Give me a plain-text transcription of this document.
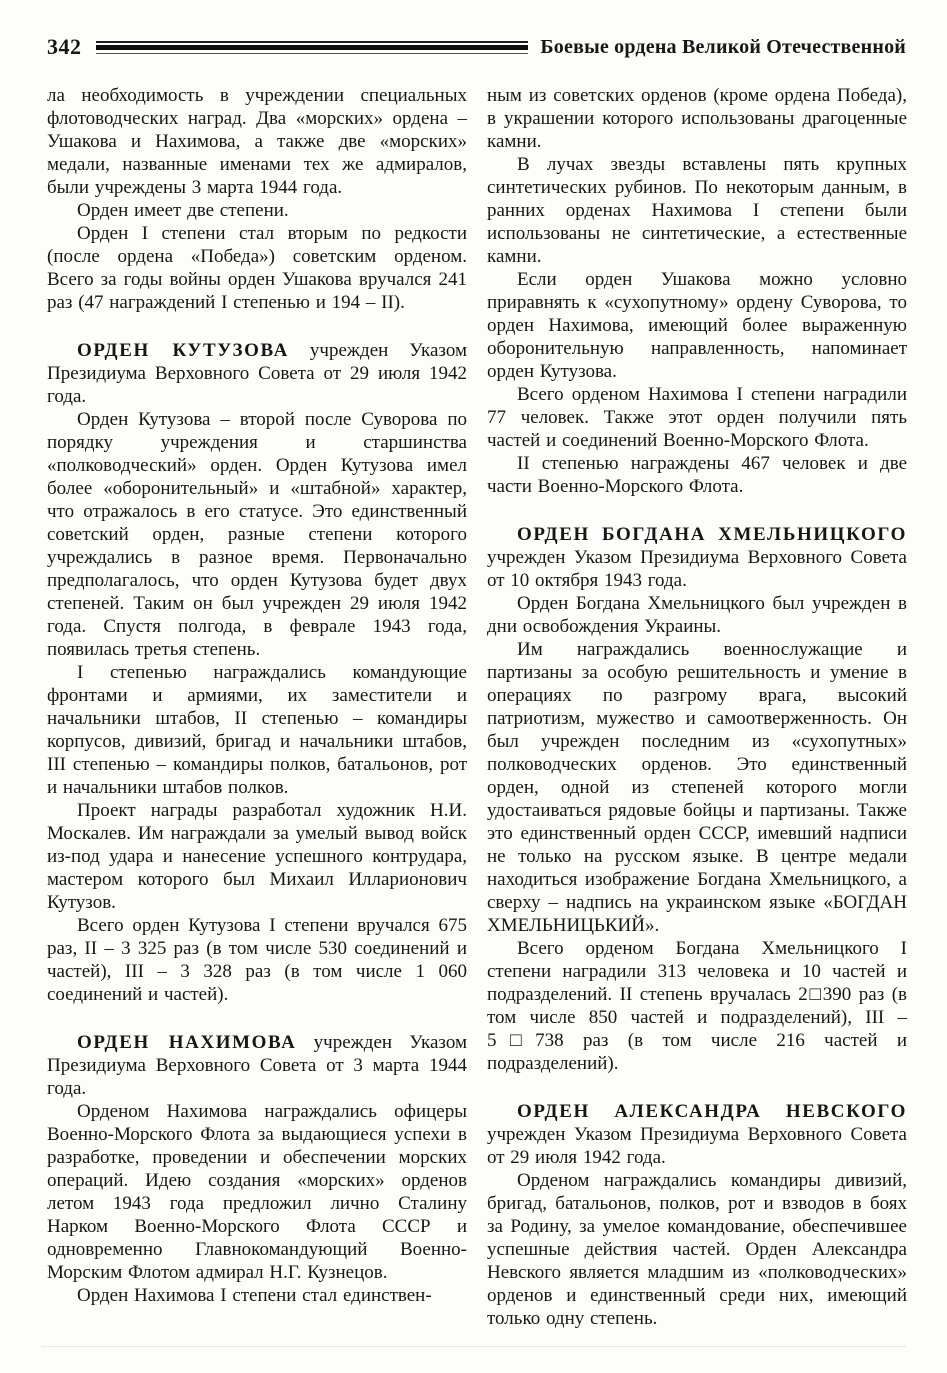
342	Боевые ордена Великой Отечественной

ла необходимость в учреждении специальных флотоводческих наград. Два «морских» ордена – Ушакова и Нахимова, а также две «морских» медали, названные именами тех же адмиралов, были учреждены 3 марта 1944 года.

Орден имеет две степени.

Орден I степени стал вторым по редкости (после ордена «Победа») советским орденом. Всего за годы войны орден Ушакова вручался 241 раз (47 награждений I степенью и 194 – II).

ОРДЕН КУТУЗОВА учрежден Указом Президиума Верховного Совета от 29 июля 1942 года.

Орден Кутузова – второй после Суворова по порядку учреждения и старшинства «полководческий» орден. Орден Кутузова имел более «оборонительный» и «штабной» характер, что отражалось в его статусе. Это единственный советский орден, разные степени которого учреждались в разное время. Первоначально предполагалось, что орден Кутузова будет двух степеней. Таким он был учрежден 29 июля 1942 года. Спустя полгода, в феврале 1943 года, появилась третья степень.

I степенью награждались командующие фронтами и армиями, их заместители и начальники штабов, II степенью – командиры корпусов, дивизий, бригад и начальники штабов, III степенью – командиры полков, батальонов, рот и начальники штабов полков.

Проект награды разработал художник Н.И. Москалев. Им награждали за умелый вывод войск из-под удара и нанесение успешного контрудара, мастером которого был Михаил Илларионович Кутузов.

Всего орден Кутузова I степени вручался 675 раз, II – 3 325 раз (в том числе 530 соединений и частей), III – 3 328 раз (в том числе 1 060 соединений и частей).

ОРДЕН НАХИМОВА учрежден Указом Президиума Верховного Совета от 3 марта 1944 года.

Орденом Нахимова награждались офицеры Военно-Морского Флота за выдающиеся успехи в разработке, проведении и обеспечении морских операций. Идею создания «морских» орденов летом 1943 года предложил лично Сталину Нарком Военно-Морского Флота СССР и одновременно Главнокомандующий Военно-Морским Флотом адмирал Н.Г. Кузнецов.

Орден Нахимова I степени стал единствен-

ным из советских орденов (кроме ордена Победа), в украшении которого использованы драгоценные камни.

В лучах звезды вставлены пять крупных синтетических рубинов. По некоторым данным, в ранних орденах Нахимова I степени были использованы не синтетические, а естественные камни.

Если орден Ушакова можно условно приравнять к «сухопутному» ордену Суворова, то орден Нахимова, имеющий более выраженную оборонительную направленность, напоминает орден Кутузова.

Всего орденом Нахимова I степени наградили 77 человек. Также этот орден получили пять частей и соединений Военно-Морского Флота.

II степенью награждены 467 человек и две части Военно-Морского Флота.

ОРДЕН БОГДАНА ХМЕЛЬНИЦКОГО учрежден Указом Президиума Верховного Совета от 10 октября 1943 года.

Орден Богдана Хмельницкого был учрежден в дни освобождения Украины.

Им награждались военнослужащие и партизаны за особую решительность и умение в операциях по разгрому врага, высокий патриотизм, мужество и самоотверженность. Он был учрежден последним из «сухопутных» полководческих орденов. Это единственный орден, одной из степеней которого могли удостаиваться рядовые бойцы и партизаны. Также это единственный орден СССР, имевший надписи не только на русском языке. В центре медали находиться изображение Богдана Хмельницкого, а сверху – надпись на украинском языке «БОГДАН ХМЕЛЬНИЦЬКИЙ».

Всего орденом Богдана Хмельницкого I степени наградили 313 человека и 10 частей и подразделений. II степень вручалась 2□390 раз (в том числе 850 частей и подразделений), III – 5□738 раз (в том числе 216 частей и подразделений).

ОРДЕН АЛЕКСАНДРА НЕВСКОГО учрежден Указом Президиума Верховного Совета от 29 июля 1942 года.

Орденом награждались командиры дивизий, бригад, батальонов, полков, рот и взводов в боях за Родину, за умелое командование, обеспечившее успешные действия частей. Орден Александра Невского является младшим из «полководческих» орденов и единственный среди них, имеющий только одну степень.
